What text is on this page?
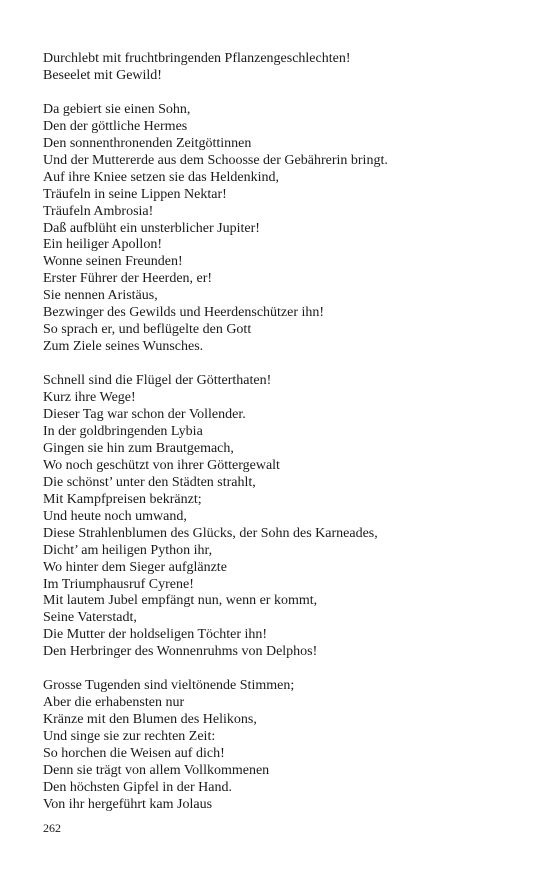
Durchlebt mit fruchtbringenden Pflanzengeschlechten!
Beseelet mit Gewild!
Da gebiert sie einen Sohn,
Den der göttliche Hermes
Den sonnenthronenden Zeitgöttinnen
Und der Muttererde aus dem Schoosse der Gebährerin bringt.
Auf ihre Kniee setzen sie das Heldenkind,
Träufeln in seine Lippen Nektar!
Träufeln Ambrosia!
Daß aufblüht ein unsterblicher Jupiter!
Ein heiliger Apollon!
Wonne seinen Freunden!
Erster Führer der Heerden, er!
Sie nennen Aristäus,
Bezwinger des Gewilds und Heerdenschützer ihn!
So sprach er, und beflügelte den Gott
Zum Ziele seines Wunsches.
Schnell sind die Flügel der Götterthaten!
Kurz ihre Wege!
Dieser Tag war schon der Vollender.
In der goldbringenden Lybia
Gingen sie hin zum Brautgemach,
Wo noch geschützt von ihrer Göttergewalt
Die schönst’ unter den Städten strahlt,
Mit Kampfpreisen bekränzt;
Und heute noch umwand,
Diese Strahlenblumen des Glücks, der Sohn des Karneades,
Dicht’ am heiligen Python ihr,
Wo hinter dem Sieger aufglänzte
Im Triumphausruf Cyrene!
Mit lautem Jubel empfängt nun, wenn er kommt,
Seine Vaterstadt,
Die Mutter der holdseligen Töchter ihn!
Den Herbringer des Wonnenruhms von Delphos!
Grosse Tugenden sind vieltönende Stimmen;
Aber die erhabensten nur
Kränze mit den Blumen des Helikons,
Und singe sie zur rechten Zeit:
So horchen die Weisen auf dich!
Denn sie trägt von allem Vollkommenen
Den höchsten Gipfel in der Hand.
Von ihr hergeführt kam Jolaus
262
